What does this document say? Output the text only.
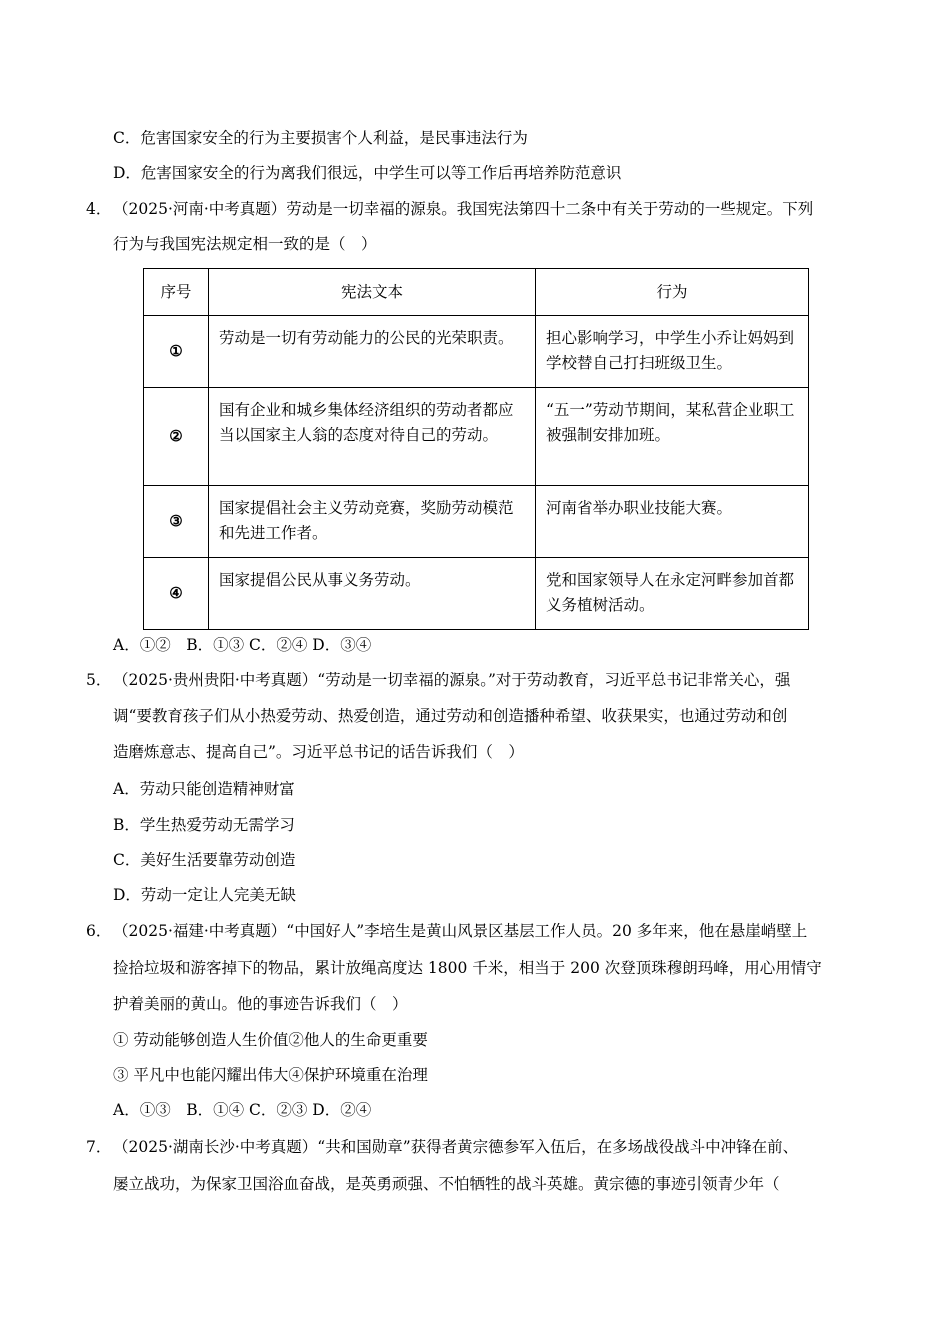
C．危害国家安全的行为主要损害个人利益，是民事违法行为
D．危害国家安全的行为离我们很远，中学生可以等工作后再培养防范意识
4． （2025·河南·中考真题）劳动是一切幸福的源泉。我国宪法第四十二条中有关于劳动的一些规定。下列
行为与我国宪法规定相一致的是（　）
序号	宪法文本	行为
①	劳动是一切有劳动能力的公民的光荣职责。	担心影响学习，中学生小乔让妈妈到学校替自己打扫班级卫生。

②	国有企业和城乡集体经济组织的劳动者都应当以国家主人翁的态度对待自己的劳动。	“五一”劳动节期间，某私营企业职工被强制安排加班。

③	国家提倡社会主义劳动竞赛，奖励劳动模范和先进工作者。	河南省举办职业技能大赛。

④	国家提倡公民从事义务劳动。	党和国家领导人在永定河畔参加首都义务植树活动。
A．①②　B．①③ C．②④ D．③④
5． （2025·贵州贵阳·中考真题）“劳动是一切幸福的源泉。”对于劳动教育，习近平总书记非常关心，强
调“要教育孩子们从小热爱劳动、热爱创造，通过劳动和创造播种希望、收获果实，也通过劳动和创
造磨炼意志、提高自己”。习近平总书记的话告诉我们（　）
A．劳动只能创造精神财富
B．学生热爱劳动无需学习
C．美好生活要靠劳动创造
D．劳动一定让人完美无缺
6． （2025·福建·中考真题）“中国好人”李培生是黄山风景区基层工作人员。20 多年来，他在悬崖峭壁上
捡拾垃圾和游客掉下的物品，累计放绳高度达 1800 千米，相当于 200 次登顶珠穆朗玛峰，用心用情守
护着美丽的黄山。他的事迹告诉我们（　）
① 劳动能够创造人生价值②他人的生命更重要
③ 平凡中也能闪耀出伟大④保护环境重在治理
A．①③　B．①④ C．②③ D．②④
7． （2025·湖南长沙·中考真题）“共和国勋章”获得者黄宗德参军入伍后，在多场战役战斗中冲锋在前、
屡立战功，为保家卫国浴血奋战，是英勇顽强、不怕牺牲的战斗英雄。黄宗德的事迹引领青少年（
